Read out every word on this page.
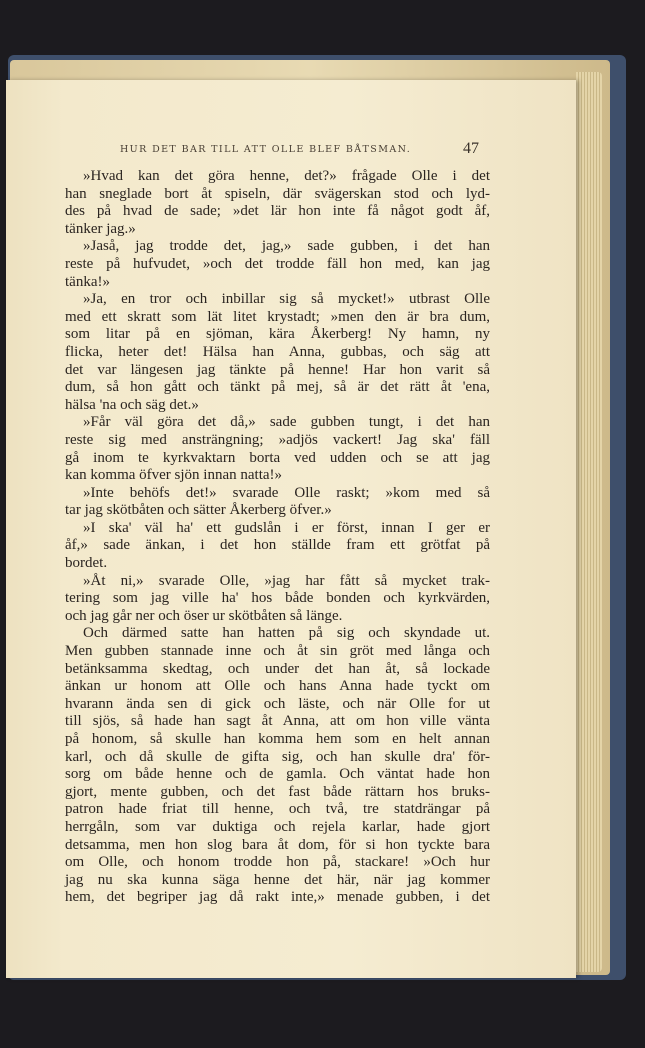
HUR DET BAR TILL ATT OLLE BLEF BÅTSMAN.	47
»Hvad kan det göra henne, det?» frågade Olle i det
han sneglade bort åt spiseln, där svägerskan stod och lyd-
des på hvad de sade; »det lär hon inte få något godt åf,
tänker jag.»
»Jaså, jag trodde det, jag,» sade gubben, i det han
reste på hufvudet, »och det trodde fäll hon med, kan jag
tänka!»
»Ja, en tror och inbillar sig så mycket!» utbrast Olle
med ett skratt som lät litet krystadt; »men den är bra dum,
som litar på en sjöman, kära Åkerberg! Ny hamn, ny
flicka, heter det! Hälsa han Anna, gubbas, och säg att
det var längesen jag tänkte på henne! Har hon varit så
dum, så hon gått och tänkt på mej, så är det rätt åt 'ena,
hälsa 'na och säg det.»
»Får väl göra det då,» sade gubben tungt, i det han
reste sig med ansträngning; »adjös vackert! Jag ska' fäll
gå inom te kyrkvaktarn borta ved udden och se att jag
kan komma öfver sjön innan natta!»
»Inte behöfs det!» svarade Olle raskt; »kom med så
tar jag skötbåten och sätter Åkerberg öfver.»
»I ska' väl ha' ett gudslån i er först, innan I ger er
åf,» sade änkan, i det hon ställde fram ett grötfat på
bordet.
»Åt ni,» svarade Olle, »jag har fått så mycket trak-
tering som jag ville ha' hos både bonden och kyrkvärden,
och jag går ner och öser ur skötbåten så länge.
Och därmed satte han hatten på sig och skyndade ut.
Men gubben stannade inne och åt sin gröt med långa och
betänksamma skedtag, och under det han åt, så lockade
änkan ur honom att Olle och hans Anna hade tyckt om
hvarann ända sen di gick och läste, och när Olle for ut
till sjös, så hade han sagt åt Anna, att om hon ville vänta
på honom, så skulle han komma hem som en helt annan
karl, och då skulle de gifta sig, och han skulle dra' för-
sorg om både henne och de gamla. Och väntat hade hon
gjort, mente gubben, och det fast både rättarn hos bruks-
patron hade friat till henne, och två, tre statdrängar på
herrgåln, som var duktiga och rejela karlar, hade gjort
detsamma, men hon slog bara åt dom, för si hon tyckte bara
om Olle, och honom trodde hon på, stackare! »Och hur
jag nu ska kunna säga henne det här, när jag kommer
hem, det begriper jag då rakt inte,» menade gubben, i det
